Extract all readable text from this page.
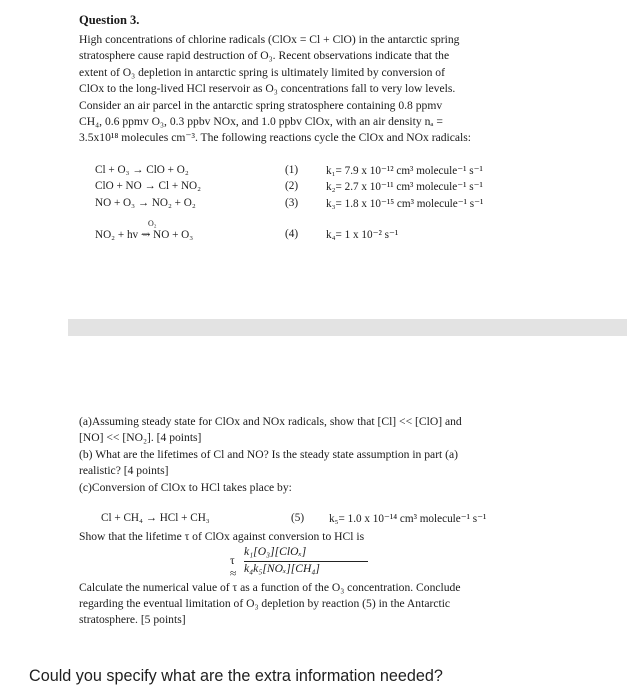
Question 3.
High concentrations of chlorine radicals (ClOx = Cl + ClO) in the antarctic spring
stratosphere cause rapid destruction of O₃. Recent observations indicate that the
extent of O₃ depletion in antarctic spring is ultimately limited by conversion of
ClOx to the long-lived HCl reservoir as O₃ concentrations fall to very low levels.
Consider an air parcel in the antarctic spring stratosphere containing 0.8 ppmv
CH₄, 0.6 ppmv O₃, 0.3 ppbv NOx, and 1.0 ppbv ClOx, with an air density nₐ =
3.5x10¹⁸ molecules cm⁻³. The following reactions cycle the ClOx and NOx radicals:
Cl + O₃ → ClO + O₂	(1) k₁= 7.9 x 10⁻¹² cm³ molecule⁻¹ s⁻¹
ClO + NO → Cl + NO₂	(2) k₂= 2.7 x 10⁻¹¹ cm³ molecule⁻¹ s⁻¹
NO + O₃ → NO₂ + O₂	(3) k₃= 1.8 x 10⁻¹⁵ cm³ molecule⁻¹ s⁻¹
O₂
NO₂ + hv ⇝ NO + O₃	(4) k₄= 1 x 10⁻² s⁻¹
(a)Assuming steady state for ClOx and NOx radicals, show that [Cl] << [ClO] and
[NO] << [NO₂]. [4 points]
(b) What are the lifetimes of Cl and NO? Is the steady state assumption in part (a)
realistic? [4 points]
(c)Conversion of ClOx to HCl takes place by:
Cl + CH₄ → HCl + CH₃	(5) k₅= 1.0 x 10⁻¹⁴ cm³ molecule⁻¹ s⁻¹
Show that the lifetime τ of ClOx against conversion to HCl is
τ ≈
k₁[O₃][ClOₓ]
k₄k₅[NOₓ][CH₄]
Calculate the numerical value of τ as a function of the O₃ concentration. Conclude
regarding the eventual limitation of O₃ depletion by reaction (5) in the Antarctic
stratosphere. [5 points]
Could you specify what are the extra information needed?
